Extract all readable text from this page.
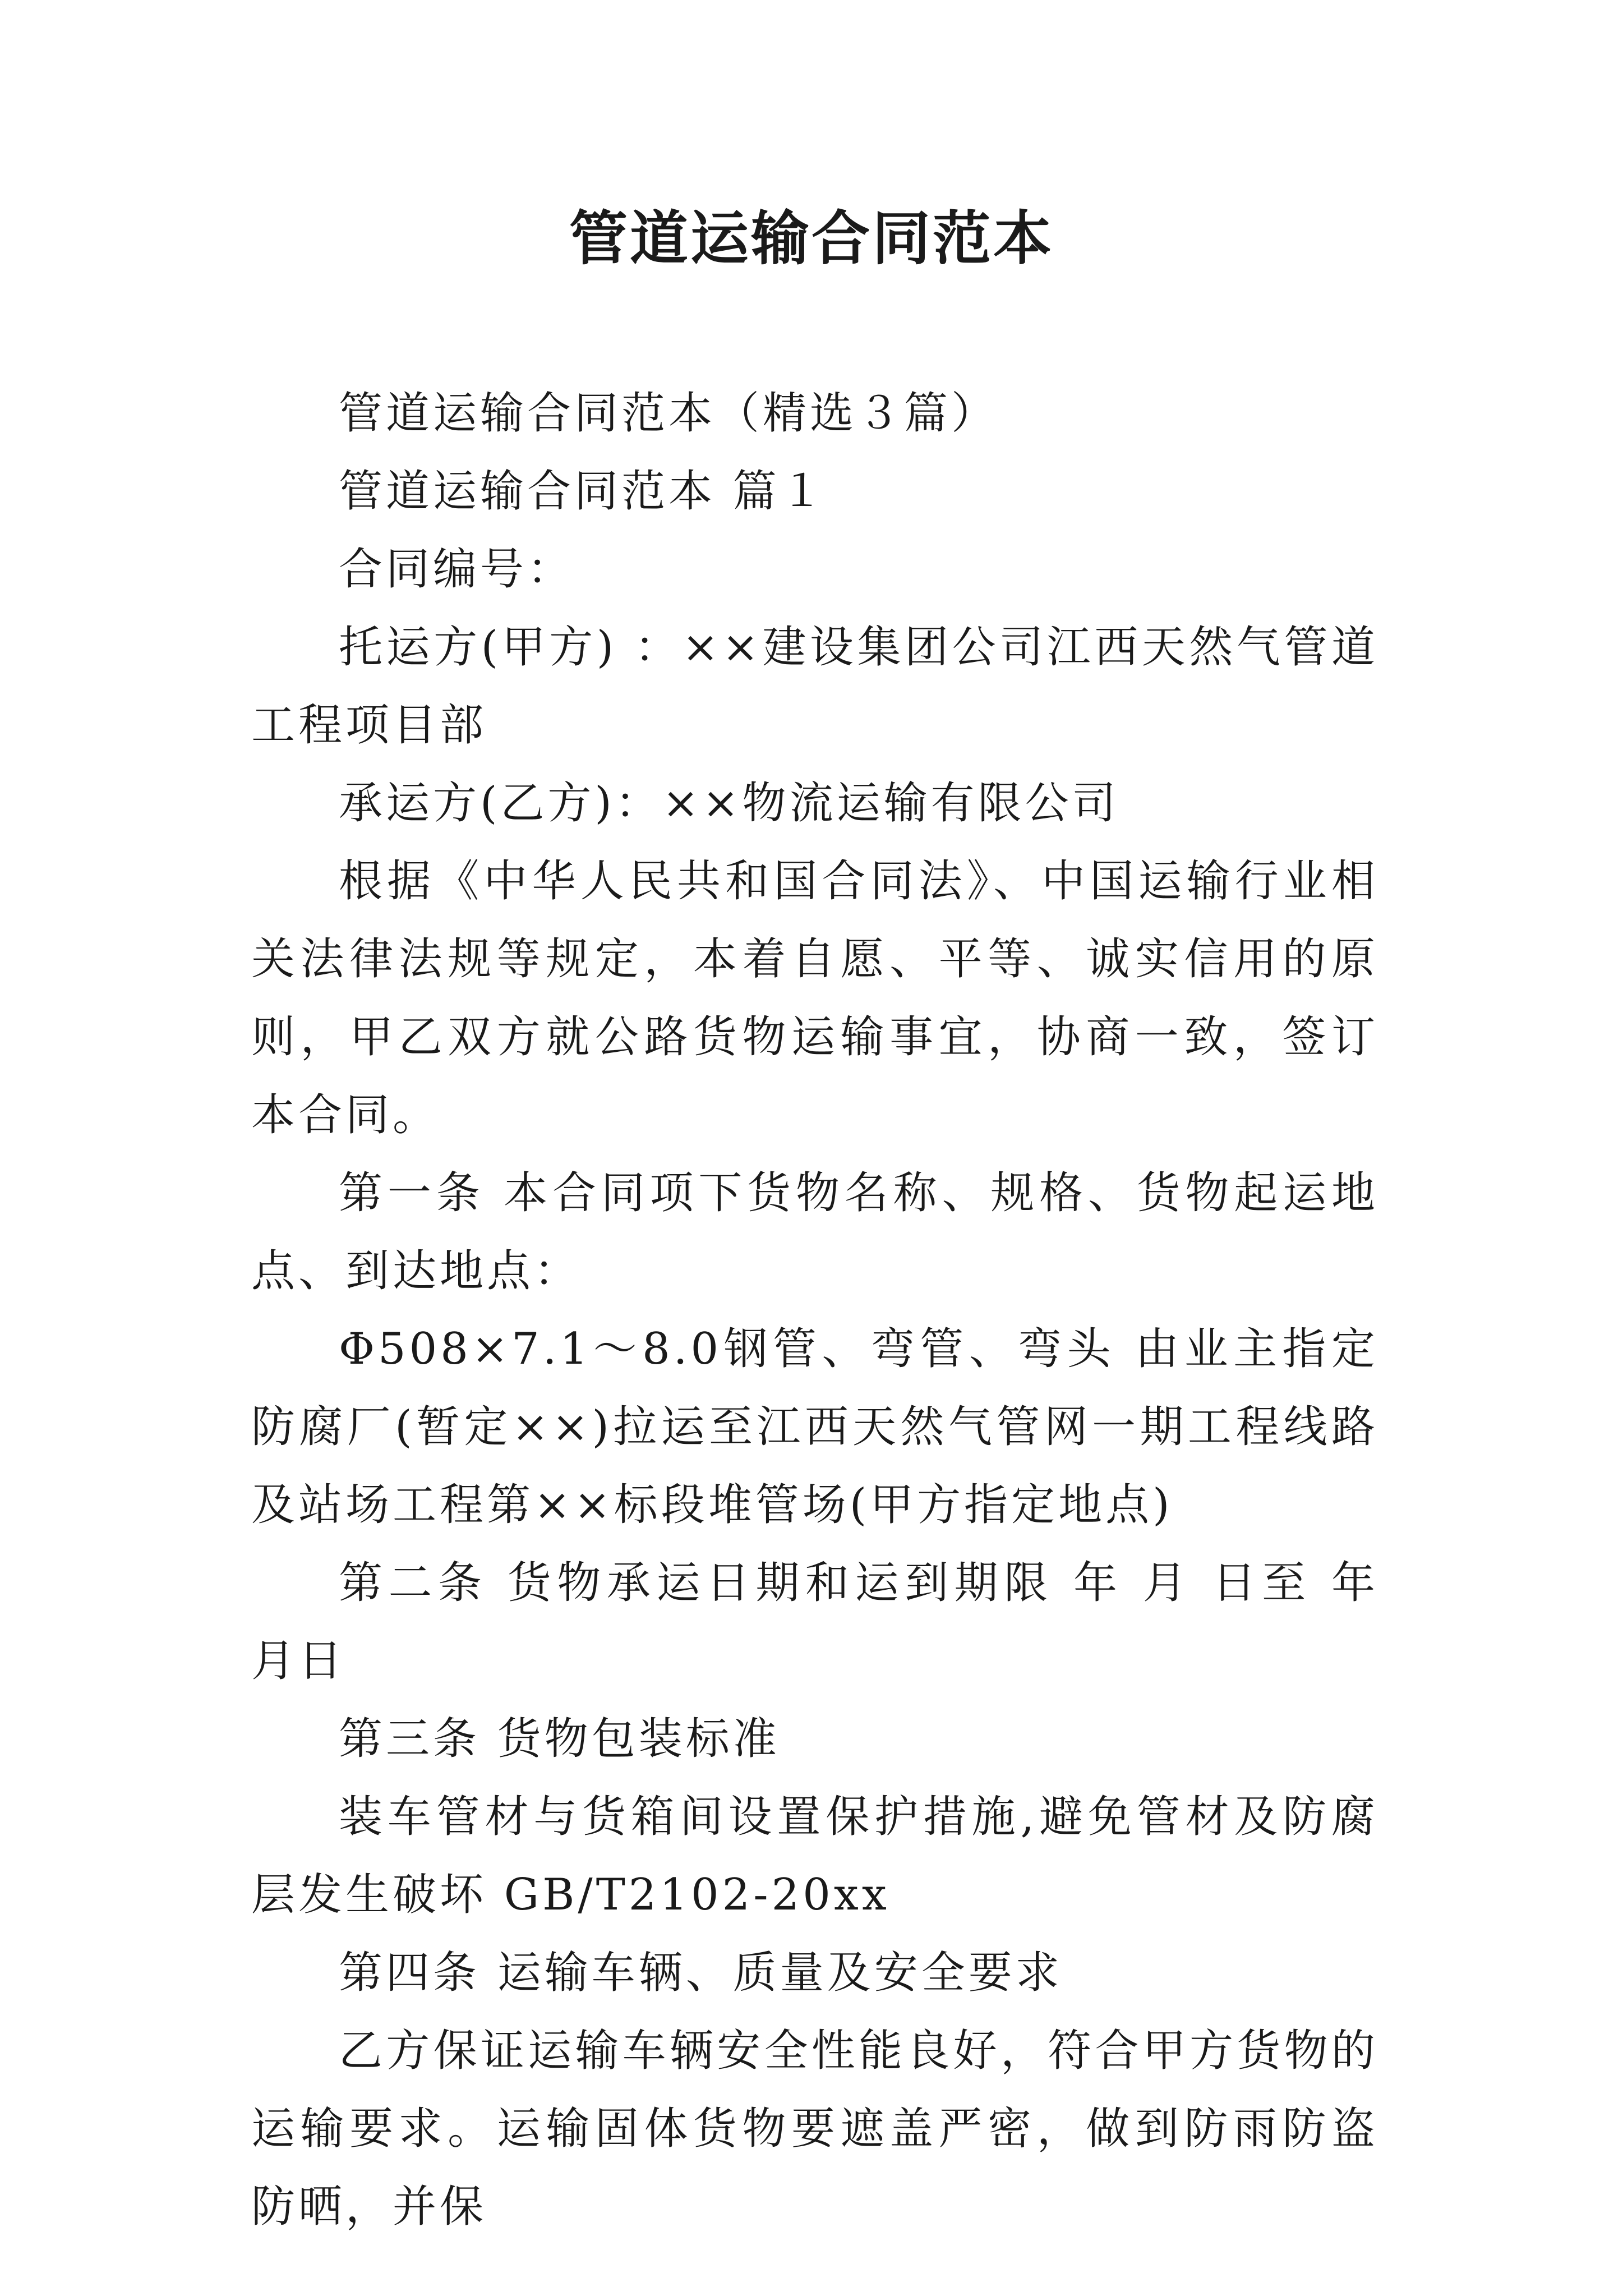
管道运输合同范本

管道运输合同范本（精选３篇）

管道运输合同范本 篇１

合同编号：

托运方(甲方) ：××建设集团公司江西天然气管道工程项目部

承运方(乙方)：××物流运输有限公司

根据《中华人民共和国合同法》、中国运输行业相关法律法规等规定，本着自愿、平等、诚实信用的原则，甲乙双方就公路货物运输事宜，协商一致，签订本合同。

第一条 本合同项下货物名称、规格、货物起运地点、到达地点：

Φ508×7.1～8.0钢管、弯管、弯头 由业主指定防腐厂(暂定××)拉运至江西天然气管网一期工程线路及站场工程第××标段堆管场(甲方指定地点)

第二条 货物承运日期和运到期限 年 月 日至 年 月日

第三条 货物包装标准

装车管材与货箱间设置保护措施,避免管材及防腐层发生破坏 GB/T2102-20xx

第四条 运输车辆、质量及安全要求

乙方保证运输车辆安全性能良好，符合甲方货物的运输要求。运输固体货物要遮盖严密，做到防雨防盗防晒，并保
